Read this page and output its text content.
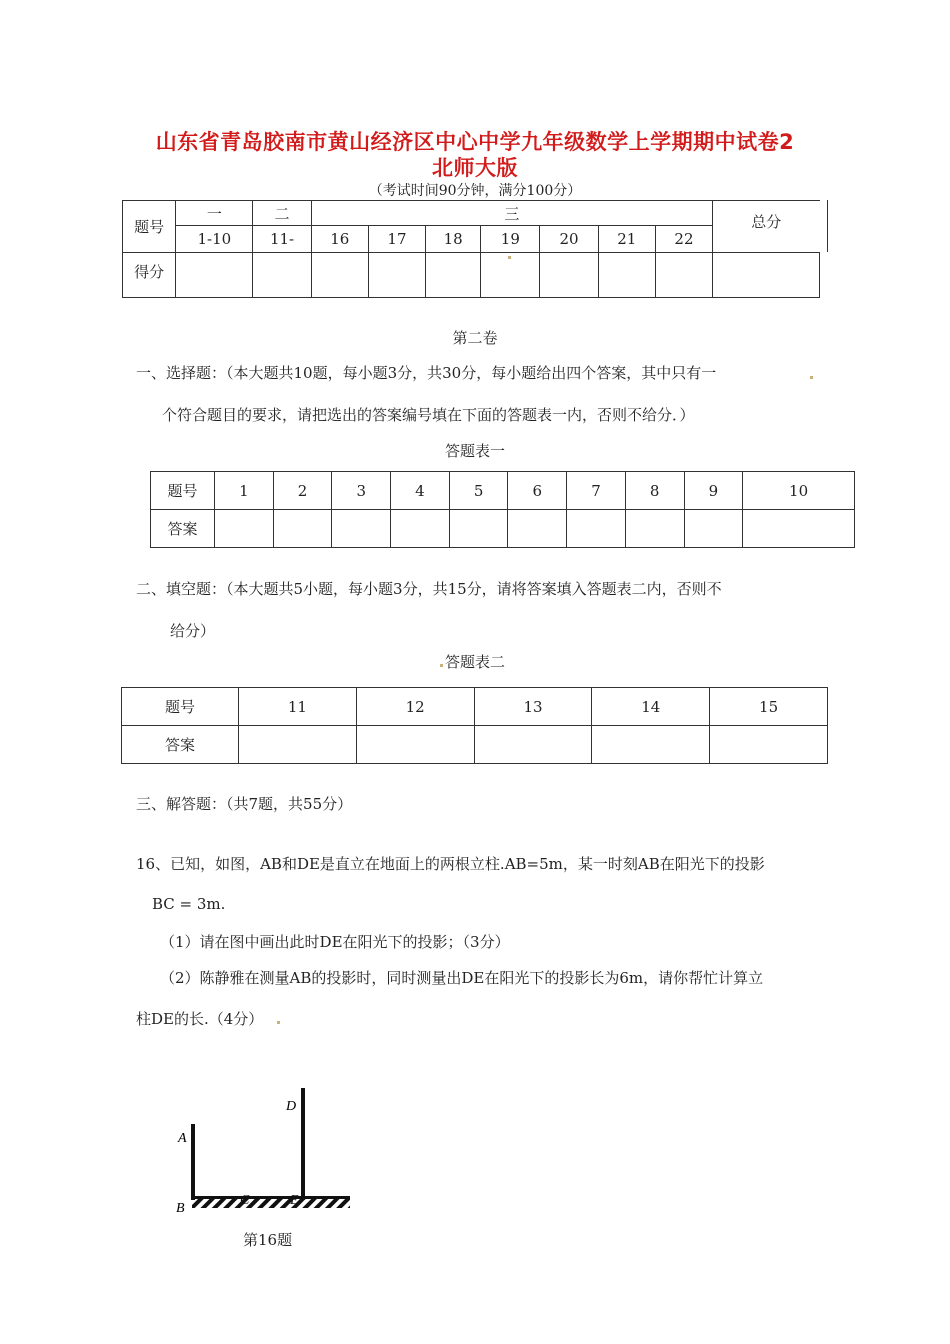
山东省青岛胶南市黄山经济区中心中学九年级数学上学期期中试卷2
北师大版
（考试时间90分钟，满分100分）
题号	一	二	三							总分
	1-10	11-	16	17	18	19	20	21	22	
得分										
第二卷
一、选择题：（本大题共10题，每小题3分，共30分，每小题给出四个答案，其中只有一
个符合题目的要求，请把选出的答案编号填在下面的答题表一内，否则不给分．）
答题表一
题号	1	2	3	4	5	6	7	8	9	10
答案										
二、填空题：（本大题共5小题，每小题3分，共15分，请将答案填入答题表二内，否则不
给分）
答题表二
题号	11	12	13	14	15
答案					
三、解答题：（共7题，共55分）
16、已知，如图，AB和DE是直立在地面上的两根立柱.AB=5m，某一时刻AB在阳光下的投影
BC = 3m.
（1）请在图中画出此时DE在阳光下的投影；（3分）
（2）陈静雅在测量AB的投影时，同时测量出DE在阳光下的投影长为6m，请你帮忙计算立
柱DE的长.（4分）
A
B
C
D
E
第16题
